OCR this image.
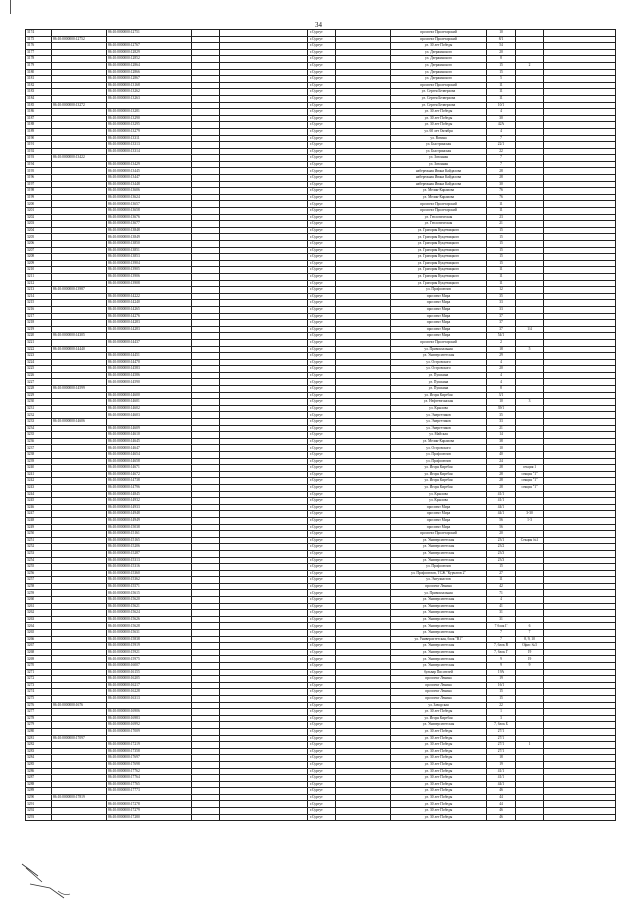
34
3174		86:10:0000000:12751			г.Сургут		проспект Пролетарский	10		
3175	86:10:0000000:12752				г.Сургут		проспект Пролетарский	8/1		
3176		86:10:0000000:12767			г.Сургут		ул. 30 лет Победы	54		
3177		86:10:0000000:12829			г.Сургут		ул. Дзержинского	20		
3178		86:10:0000000:12852			г.Сургут		ул. Дзержинского	8		
3179		86:10:0000000:12864			г.Сургут		ул. Дзержинского	15	2	
3180		86:10:0000000:12866			г.Сургут		ул. Дзержинского	15		
3181		86:10:0000000:12867			г.Сургут		ул. Дзержинского	5		
3182		86:10:0000000:13168			г.Сургут		проспект Пролетарский	11		
3183		86:10:0000000:13262			г.Сургут		ул. Сергея Безверхова	11		
3184		86:10:0000000:13263			г.Сургут		ул. Сергея Безверхова	11		
3185	86:10:0000000:13272				г.Сургут		ул. Сергея Безверхова	10/1		
3186		86:10:0000000:13281			г.Сургут		ул. 30 лет Победы	4		
3187		86:10:0000000:13290			г.Сургут		ул. 30 лет Победы	30		
3188		86:10:0000000:13295			г.Сургут		ул. 30 лет Победы	42А		
3189		86:10:0000000:13279			г.Сургут		ул. 60 лет Октября	4		
3190		86:10:0000000:13311			г.Сургут		ул. Ватина	7		
3191		86:10:0000000:13313			г.Сургут		ул. Быстринская	22/1		
3192		86:10:0000000:13314			г.Сургут		ул. Быстринская	22		
3193	86:10:0000000:13422				г.Сургут		ул. Затонная	7		
3194		86:10:0000000:13429			г.Сургут		ул. Затонная	7		
3195		86:10:0000000:13445			г.Сургут		набережная Ивана Кайдалова	28		
3196		86:10:0000000:13447			г.Сургут		набережная Ивана Кайдалова	28		
3197		86:10:0000000:13448			г.Сургут		набережная Ивана Кайдалова	30		
3198		86:10:0000000:13606			г.Сургут		ул. Мелик-Карамова	76		
3199		86:10:0000000:13624			г.Сургут		ул. Мелик-Карамова	76		
3200		86:10:0000000:13657			г.Сургут		проспект Пролетарский	11		
3201		86:10:0000000:13658			г.Сургут		проспект Пролетарский	11		
3202		86:10:0000000:13676			г.Сургут		ул. Геологическая	23		
3203		86:10:0000000:13677			г.Сургут		ул. Геологическая	21		
3204		86:10:0000000:13848			г.Сургут		ул. Григория Кукуевицкого	15		
3205		86:10:0000000:13849			г.Сургут		ул. Григория Кукуевицкого	15		
3206		86:10:0000000:13850			г.Сургут		ул. Григория Кукуевицкого	15		
3207		86:10:0000000:13851			г.Сургут		ул. Григория Кукуевицкого	15		
3208		86:10:0000000:13853			г.Сургут		ул. Григория Кукуевицкого	15		
3209		86:10:0000000:13904			г.Сургут		ул. Григория Кукуевицкого	15		
3210		86:10:0000000:13905			г.Сургут		ул. Григория Кукуевицкого	11		
3211		86:10:0000000:13906			г.Сургут		ул. Григория Кукуевицкого	11		
3212		86:10:0000000:13908			г.Сургут		ул. Григория Кукуевицкого	11		
3213	86:10:0000000:13987				г.Сургут		ул. Профсоюзов	12		
3214		86:10:0000000:14222			г.Сургут		проспект Мира	35		
3215		86:10:0000000:14240			г.Сургут		проспект Мира	33		
3216		86:10:0000000:14265			г.Сургут		проспект Мира	33		
3217		86:10:0000000:14276			г.Сургут		проспект Мира	37		
3218		86:10:0000000:14283			г.Сургут		проспект Мира	37		
3219		86:10:0000000:14283			г.Сургут		проспект Мира	37	1/4	
3220	86:10:0000000:14305				г.Сургут		проспект Мира	54/1		
3221		86:10:0000000:14437			г.Сургут		проспект Пролетарский	2		
3222	86:10:0000000:14440				г.Сургут		ул. Привокзальная	18	5	
3223		86:10:0000000:14451			г.Сургут		ул. Университетская	29		
3224		86:10:0000000:14470			г.Сургут		ул. Островского	4		
3225		86:10:0000000:14583			г.Сургут		ул. Островского	20		
3226		86:10:0000000:14586			г.Сургут		ул. Пушкина	4		
3227		86:10:0000000:14590			г.Сургут		ул. Пушкина	4		
3228	86:10:0000000:14599				г.Сургут		ул. Пушкина	8		
3229		86:10:0000000:14600			г.Сургут		ул. Игоря Киртбая	3/1		
3230		86:10:0000000:14601			г.Сургут		ул. Нефтеюганская	10	3	
3231		86:10:0000000:14602			г.Сургут		ул. Крылова	39/1		
3232		86:10:0000000:14603			г.Сургут		ул. Энергетиков	35		
3233	86:10:0000000:14606				г.Сургут		ул. Энергетиков	33		
3234		86:10:0000000:14609			г.Сургут		ул. Энергетиков	21		
3235		86:10:0000000:14610			г.Сургут		ул. Майская	14		
3236		86:10:0000000:14645			г.Сургут		ул. Мелик-Карамова	38		
3237		86:10:0000000:14647			г.Сургут		ул. Островского	10		
3238		86:10:0000000:14654			г.Сургут		ул. Профсоюзов	40		
3239		86:10:0000000:14658			г.Сургут		ул. Профсоюзов	24		
3240		86:10:0000000:14671			г.Сургут		ул. Игоря Киртбая	28	секция 1	
3241		86:10:0000000:14672			г.Сургут		ул. Игоря Киртбая	28	секция "1"	
3242		86:10:0000000:14738			г.Сургут		ул. Игоря Киртбая	28	секция "1"	
3243		86:10:0000000:14796			г.Сургут		ул. Игоря Киртбая	28	секция "1"	
3244		86:10:0000000:14845			г.Сургут		ул. Крылова	41/1		
3245		86:10:0000000:14932			г.Сургут		ул. Крылова	41/1		
3246		86:10:0000000:14933			г.Сургут		проспект Мира	44/1		
3247		86:10:0000000:14948			г.Сургут		проспект Мира	44/1	3-30	
3248		86:10:0000000:14949			г.Сургут		проспект Мира	56	1-3	
3249		86:10:0000000:15038			г.Сургут		проспект Мира	56		
3250		86:10:0000000:15161			г.Сургут		проспект Пролетарский	20		
3251		86:10:0000000:15165			г.Сургут		ул. Университетская	23/1	Секция №1	
3252		86:10:0000000:15206			г.Сургут		ул. Университетская	23/2		
3253		86:10:0000000:15287			г.Сургут		ул. Университетская	23/3		
3254		86:10:0000000:15313			г.Сургут		ул. Университетская	23/3		
3255		86:10:0000000:15316			г.Сургут		ул. Профсоюзов	15		
3256		86:10:0000000:15360			г.Сургут		ул. Профсоюзов, ТСЖ "Курчатов 2"	27		
3257		86:10:0000000:15362			г.Сургут		ул. Энтузиастов	11		
3258		86:10:0000000:15571			г.Сургут		проспект Ленина	42		
3259		86:10:0000000:15615			г.Сургут		ул. Привокзальная	71		
3260		86:10:0000000:15620			г.Сургут		ул. Университетская	4		
3261		86:10:0000000:15621			г.Сургут		ул. Университетская	41		
3262		86:10:0000000:15624			г.Сургут		ул. Университетская	31		
3263		86:10:0000000:15626			г.Сургут		ул. Университетская	31		
3264		86:10:0000000:15628			г.Сургут		ул. Университетская	7 блок Г	6	
3265		86:10:0000000:15631			г.Сургут		ул. Университетская	7	7	
3266		86:10:0000000:15838			г.Сургут		ул. Университетская, блок "В1"	7	8, 9, 10	
3267		86:10:0000000:15919			г.Сургут		ул. Университетская	7, блок В	Офис №3	
3268		86:10:0000000:15921			г.Сургут		ул. Университетская	7, блок Г	19	
3269		86:10:0000000:15975			г.Сургут		ул. Университетская	9	19	
3270		86:10:0000000:16007			г.Сургут		ул. Университетская	9	9	
3271		86:10:0000000:16155			г.Сургут		бульвар Писателей	19А		
3272		86:10:0000000:16205			г.Сургут		проспект Ленина	19		
3273		86:10:0000000:16217			г.Сургут		проспект Ленина	16/1		
3274		86:10:0000000:16228			г.Сургут		проспект Ленина	15		
3275		86:10:0000000:16313			г.Сургут		проспект Ленина	15		
3276	86:10:0000000:1676				г.Сургут		ул. Заводская	22		
3277		86:10:0000000:16906			г.Сургут		ул. 30 лет Победы	1		
3278		86:10:0000000:16983			г.Сургут		ул. Игоря Киртбая	3		
3279		86:10:0000000:16992			г.Сургут		ул. Университетская	7, блок Б		
3280		86:10:0000000:17009			г.Сургут		ул. 30 лет Победы	27/1		
3281	86:10:0000000:17097				г.Сургут		ул. 30 лет Победы	27/1		
3282		86:10:0000000:17219			г.Сургут		ул. 30 лет Победы	27/1	1	
3283		86:10:0000000:17358			г.Сургут		ул. 30 лет Победы	27/1		
3284		86:10:0000000:17697			г.Сургут		ул. 30 лет Победы	18		
3285		86:10:0000000:17698			г.Сургут		ул. 30 лет Победы	19		
3286		86:10:0000000:17762			г.Сургут		ул. 30 лет Победы	41/1		
3287		86:10:0000000:17764			г.Сургут		ул. 30 лет Победы	41/1		
3288		86:10:0000000:17765			г.Сургут		ул. 30 лет Победы	44/1		
3289		86:10:0000000:17773			г.Сургут		ул. 30 лет Победы	46		
3290	86:10:0000000:17819				г.Сургут		ул. 30 лет Победы	44		
3291		86:10:0000000:17278			г.Сургут		ул. 30 лет Победы	44		
3292		86:10:0000000:17279			г.Сургут		ул. 30 лет Победы	46		
3293		86:10:0000000:17280			г.Сургут		ул. 30 лет Победы	46		
